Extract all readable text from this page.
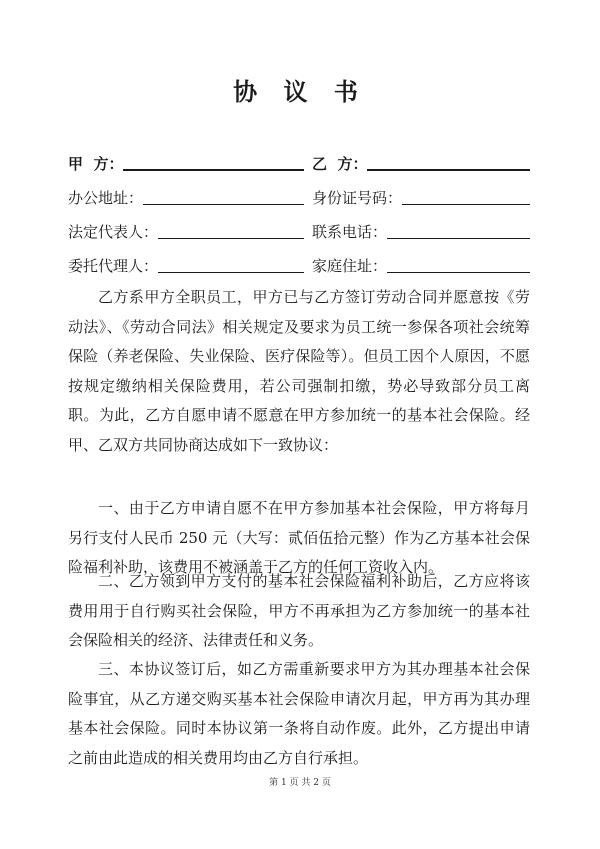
协 议 书
甲  方：	乙  方：
办公地址：	身份证号码：
法定代表人：	联系电话：
委托代理人：	家庭住址：

乙方系甲方全职员工，甲方已与乙方签订劳动合同并愿意按《劳动法》、《劳动合同法》相关规定及要求为员工统一参保各项社会统筹保险（养老保险、失业保险、医疗保险等）。但员工因个人原因，不愿按规定缴纳相关保险费用，若公司强制扣缴，势必导致部分员工离职。为此，乙方自愿申请不愿意在甲方参加统一的基本社会保险。经甲、乙双方共同协商达成如下一致协议：

一、由于乙方申请自愿不在甲方参加基本社会保险，甲方将每月另行支付人民币 250 元（大写：贰佰伍拾元整）作为乙方基本社会保险福利补助，该费用不被涵盖于乙方的任何工资收入内。

二、乙方领到甲方支付的基本社会保险福利补助后，乙方应将该费用用于自行购买社会保险，甲方不再承担为乙方参加统一的基本社会保险相关的经济、法律责任和义务。

三、本协议签订后，如乙方需重新要求甲方为其办理基本社会保险事宜，从乙方递交购买基本社会保险申请次月起，甲方再为其办理基本社会保险。同时本协议第一条将自动作废。此外，乙方提出申请之前由此造成的相关费用均由乙方自行承担。

第 1 页 共 2 页
